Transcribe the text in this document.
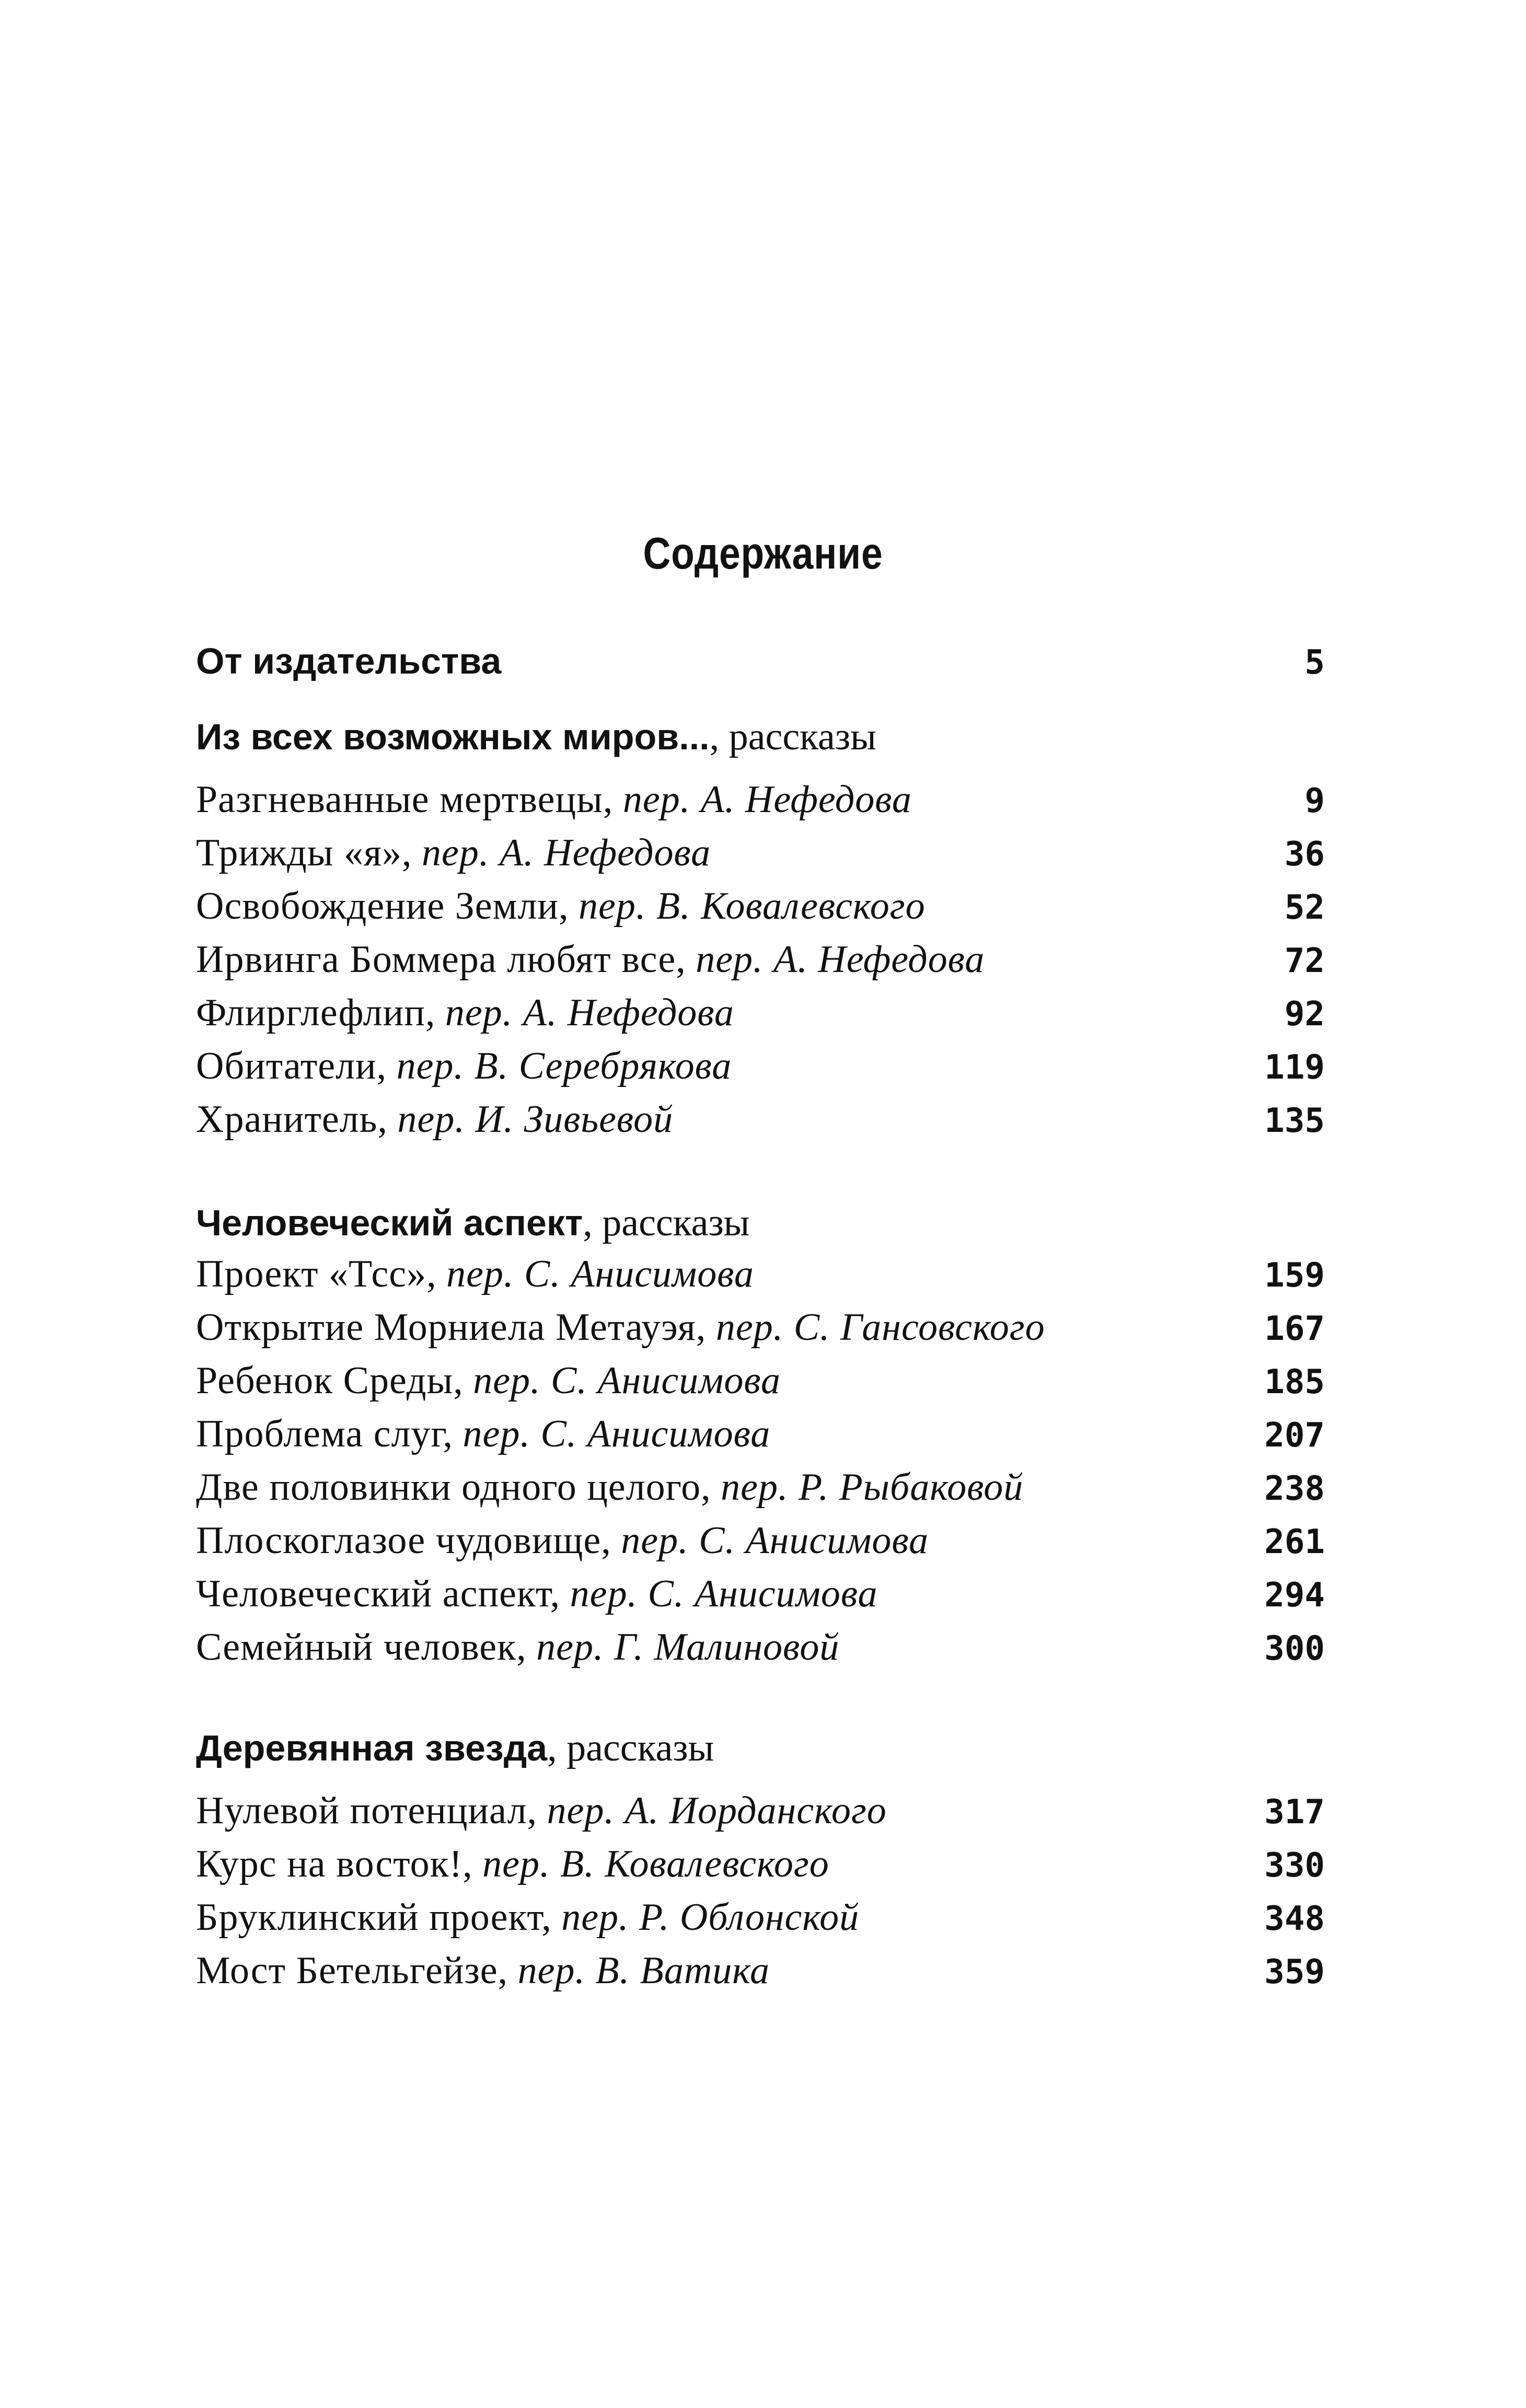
Содержание
От издательства	5
Из всех возможных миров..., рассказы
Разгневанные мертвецы, пер. А. Нефедова	9
Трижды «я», пер. А. Нефедова	36
Освобождение Земли, пер. В. Ковалевского	52
Ирвинга Боммера любят все, пер. А. Нефедова	72
Флирглефлип, пер. А. Нефедова	92
Обитатели, пер. В. Серебрякова	119
Хранитель, пер. И. Зивьевой	135
Человеческий аспект, рассказы
Проект «Тсс», пер. С. Анисимова	159
Открытие Морниела Метауэя, пер. С. Гансовского	167
Ребенок Среды, пер. С. Анисимова	185
Проблема слуг, пер. С. Анисимова	207
Две половинки одного целого, пер. Р. Рыбаковой	238
Плоскоглазое чудовище, пер. С. Анисимова	261
Человеческий аспект, пер. С. Анисимова	294
Семейный человек, пер. Г. Малиновой	300
Деревянная звезда, рассказы
Нулевой потенциал, пер. А. Иорданского	317
Курс на восток!, пер. В. Ковалевского	330
Бруклинский проект, пер. Р. Облонской	348
Мост Бетельгейзе, пер. В. Ватика	359
